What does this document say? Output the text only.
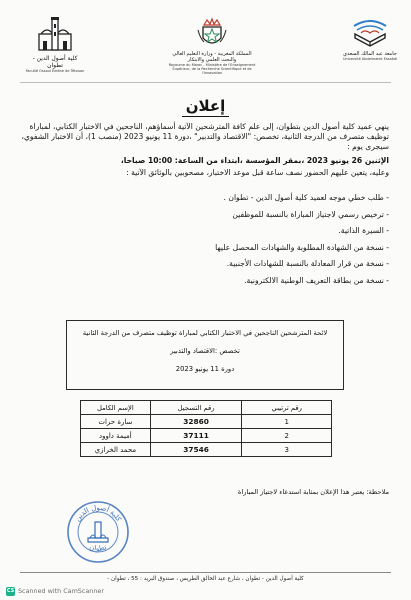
كلية أصول الدين - تطوان
Faculté Ossoul Eddine de Tétouan
المملكة المغربية - وزارة التعليم العالي والبحث العلمي والابتكار
Royaume du Maroc - Ministère de l'Enseignement Supérieur, de la Recherche Scientifique et de l'Innovation
جامعة عبد المالك السعدي
Université Abdelmalek Essaâdi
إعلان

ينهي عميد كلية أصول الدين بتطوان، إلى علم كافة المترشحين الآتية أسماؤهم، الناجحين في الاختبار الكتابي، لمباراة توظيف متصرف من الدرجة الثانية، تخصص: "الاقتصاد والتدبير" ،دورة 11 يونيو 2023 (منصب 1)، أن الاختبار الشفوي، سيجرى يوم :

الإثنين 26 يونيو 2023 ،بمقر المؤسسة ،ابتداء من الساعة: 10:00 صباحا،

وعليه، يتعين عليهم الحضور نصف ساعة قبل موعد الاختبار، مصحوبين بالوثائق الآتية :

- طلب خطي موجه لعميد كلية أصول الدين - تطوان .
- ترخيص رسمي لاجتياز المباراة بالنسبة للموظفين
- السيرة الذاتية.
- نسخة من الشهادة المطلوبة والشهادات المحصل عليها
- نسخة من قرار المعادلة بالنسبة للشهادات الأجنبية.
- نسخة من بطاقة التعريف الوطنية الالكترونية.
لائحة المترشحين الناجحين في الاختبار الكتابي لمباراة توظيف متصرف من الدرجة الثانية
تخصص :الاقتصاد والتدبير
دورة 11 يونيو 2023
رقم ترتيبي	رقم التسجيل	الإسم الكامل
1	32860	سارة حرات
2	37111	أميمة داوود
3	37546	محمد الخرازي
ملاحظة: يعتبر هذا الإعلان بمثابة استدعاء لاجتياز المباراة
كلية أصول الدين
تطوان
كلية أصول الدين - تطوان ، شارع عبد الخالق الطريس ، صندوق البريد : 55 ، تطوان -
CS Scanned with CamScanner
